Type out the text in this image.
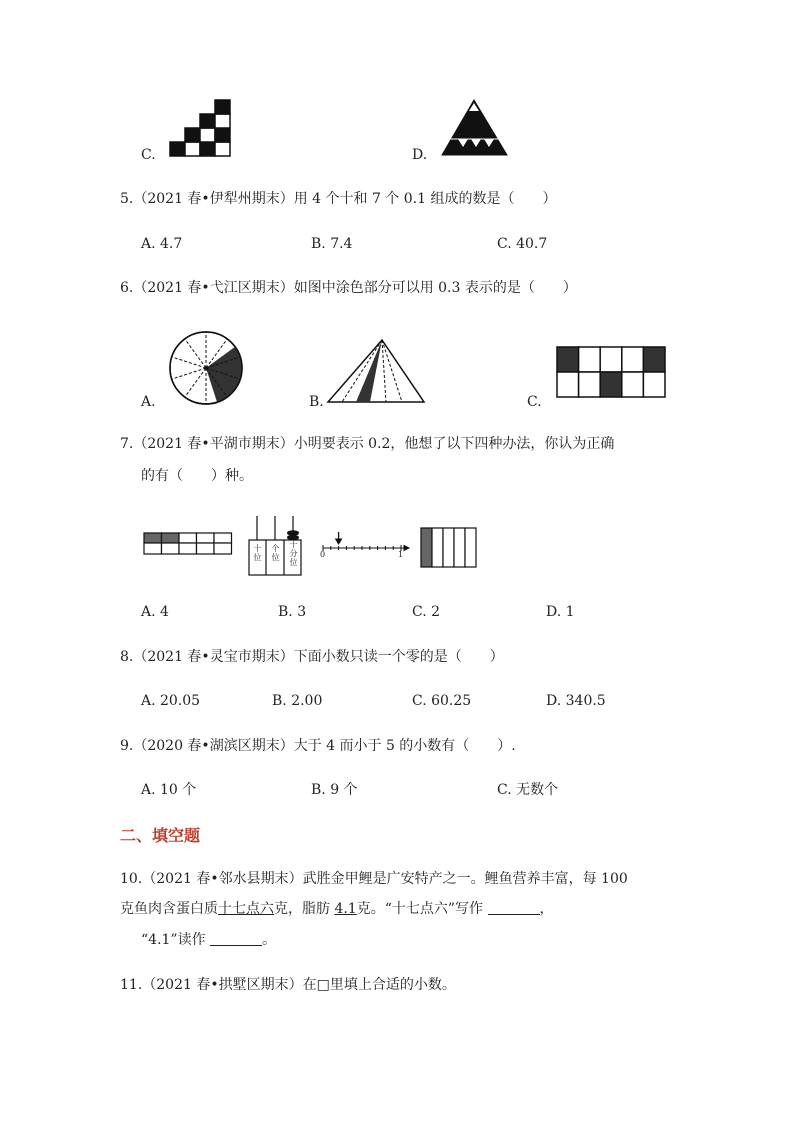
C.	D.
5.（2021 春•伊犁州期末）用 4 个十和 7 个 0.1 组成的数是（　　）
A. 4.7	B. 7.4	C. 40.7
6.（2021 春•弋江区期末）如图中涂色部分可以用 0.3 表示的是（　　）
A.	B.	C.
7.（2021 春•平湖市期末）小明要表示 0.2，他想了以下四种办法，你认为正确
的有（　　）种。
十位
个位
十分位
0	1
A. 4	B. 3	C. 2	D. 1
8.（2021 春•灵宝市期末）下面小数只读一个零的是（　　）
A. 20.05	B. 2.00	C. 60.25	D. 340.5
9.（2020 春•湖滨区期末）大于 4 而小于 5 的小数有（　　）.
A. 10 个	B. 9 个	C. 无数个
二、填空题
10.（2021 春•邻水县期末）武胜金甲鲤是广安特产之一。鲤鱼营养丰富，每 100
克鱼肉含蛋白质十七点六克，脂肪 4.1克。“十七点六”写作	，
“4.1”读作	。
11.（2021 春•拱墅区期末）在□里填上合适的小数。
